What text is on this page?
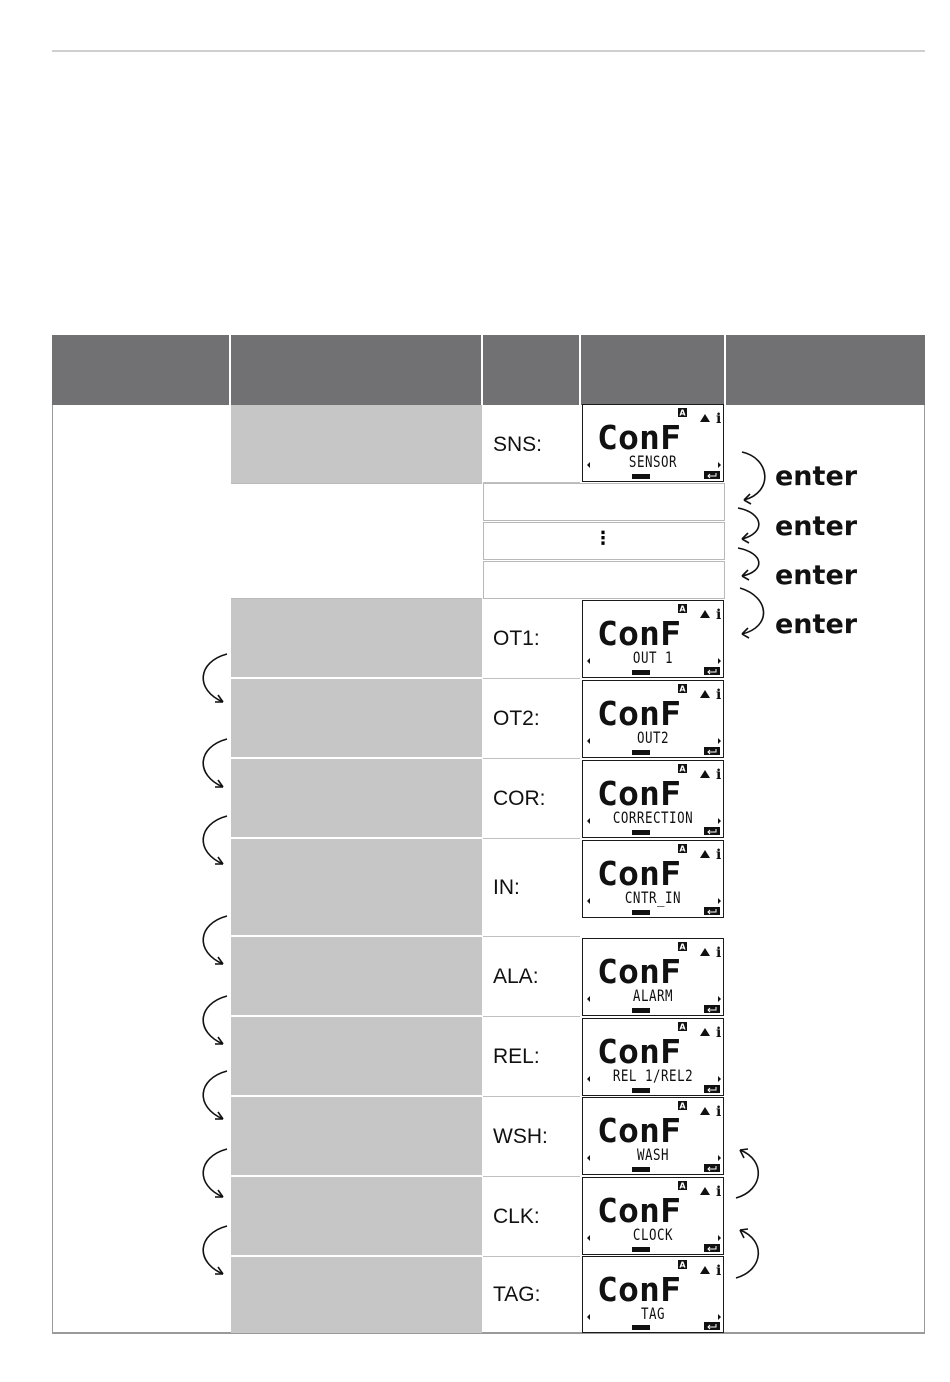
⋮
SNS: ConF
A i
SENSOR
OT1: ConF
A i
OUT 1
OT2: ConF
A i
OUT2
COR: ConF
A i
CORRECTION
IN: ConF
A i
CNTR_IN
ALA: ConF
A i
ALARM
REL: ConF
A i
REL 1/REL2
WSH: ConF
A i
WASH
CLK: ConF
A i
CLOCK
TAG: ConF
A i
TAG
enter
enter
enter
enter
